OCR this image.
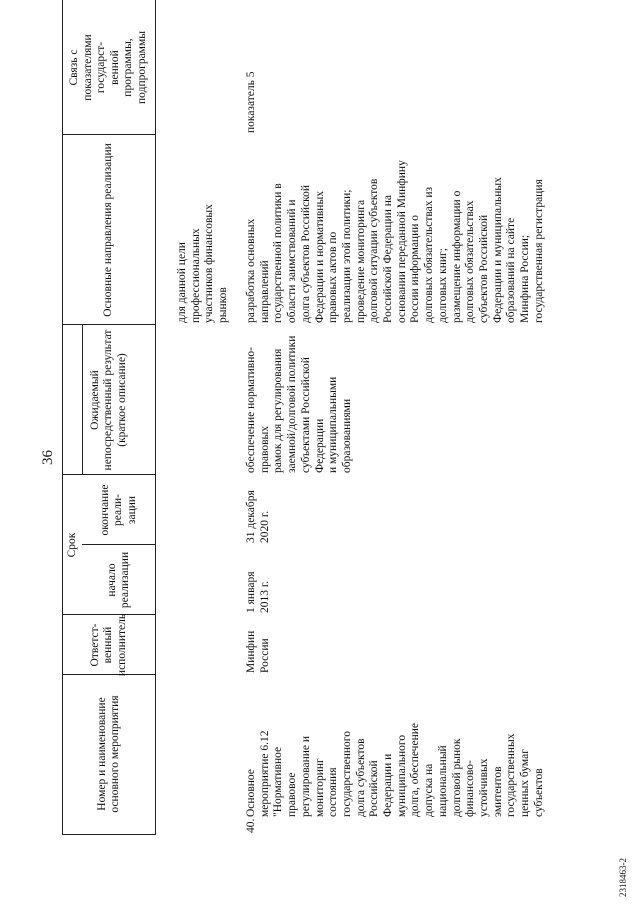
36
2318463-2
Номер и наименование основного мероприятия
Ответст-
венный
исполнитель
Срок
начало
реализации
окончание
реали-
зации
Ожидаемый непосредственный результат (краткое описание)
Основные направления реализации
Связь с
показателями
государст-
венной
программы,
подпрограммы
для данной цели
профессиональных
участников финансовых
рынков
40.
Основное
мероприятие 6.12
"Нормативное
правовое
регулирование и
мониторинг
состояния
государственного
долга субъектов
Российской
Федерации и
муниципального
долга, обеспечение
допуска на
национальный
долговой рынок
финансово-
устойчивых
эмитентов
государственных
ценных бумаг
субъектов
Минфин
России
1 января
2013 г.
31 декабря
2020 г.
обеспечение нормативно-правовых
рамок для регулирования
заемной/долговой политики
субъектами Российской Федерации
и муниципальными образованиями
разработка основных
направлений
государственной политики в
области заимствований и
долга субъектов Российской
Федерации и нормативных
правовых актов по
реализации этой политики;
проведение мониторинга
долговой ситуации субъектов
Российской Федерации на
основании переданной Минфину
России информации о
долговых обязательствах из
долговых книг;
размещение информации о
долговых обязательствах
субъектов Российской
Федерации и муниципальных
образований на сайте
Минфина России;
государственная регистрация
показатель 5
